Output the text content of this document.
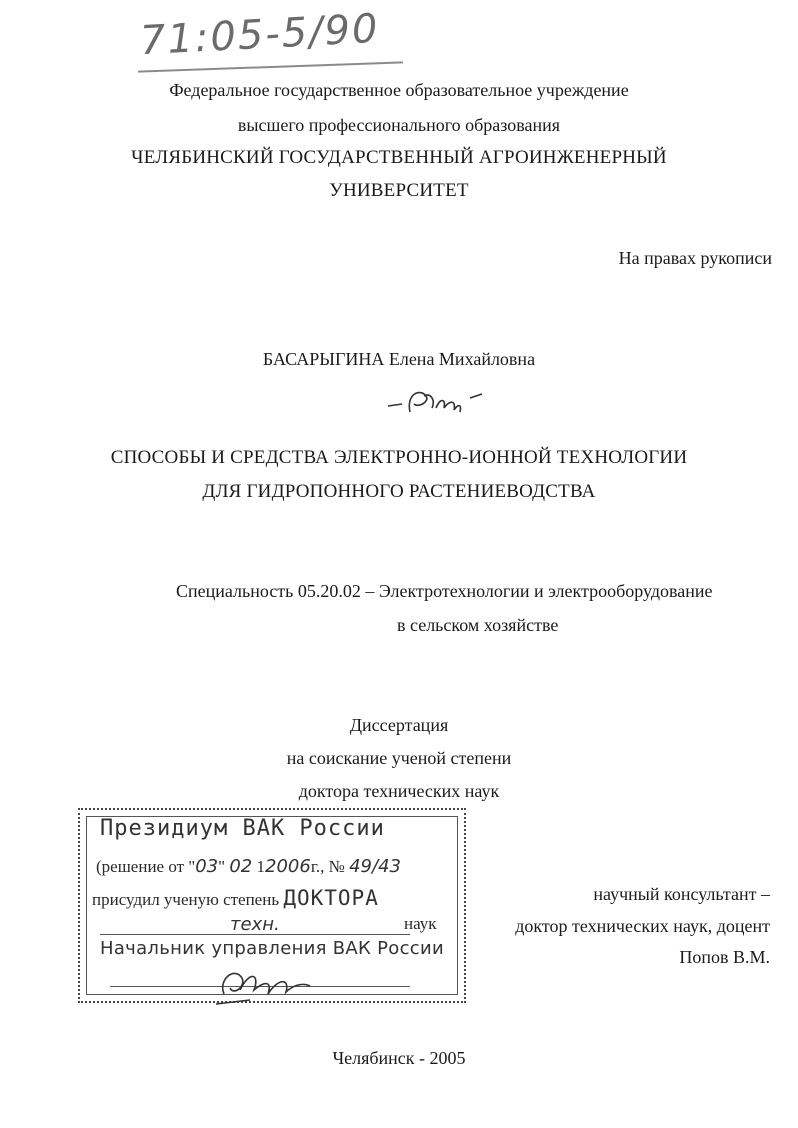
71:05-5/90
Федеральное государственное образовательное учреждение
высшего профессионального образования
ЧЕЛЯБИНСКИЙ ГОСУДАРСТВЕННЫЙ АГРОИНЖЕНЕРНЫЙ
УНИВЕРСИТЕТ
На правах рукописи
БАСАРЫГИНА Елена Михайловна
СПОСОБЫ И СРЕДСТВА ЭЛЕКТРОННО-ИОННОЙ ТЕХНОЛОГИИ
ДЛЯ ГИДРОПОННОГО РАСТЕНИЕВОДСТВА
Специальность 05.20.02 – Электротехнологии и электрооборудование
в сельском хозяйстве
Диссертация
на соискание ученой степени
доктора технических наук
Президиум ВАК России
(решение от "03" 02 12006г., № 49/43
присудил ученую степень ДОКТОРА
техн.	наук
Начальник управления ВАК России
научный консультант –
доктор технических наук, доцент
Попов В.М.
Челябинск - 2005
